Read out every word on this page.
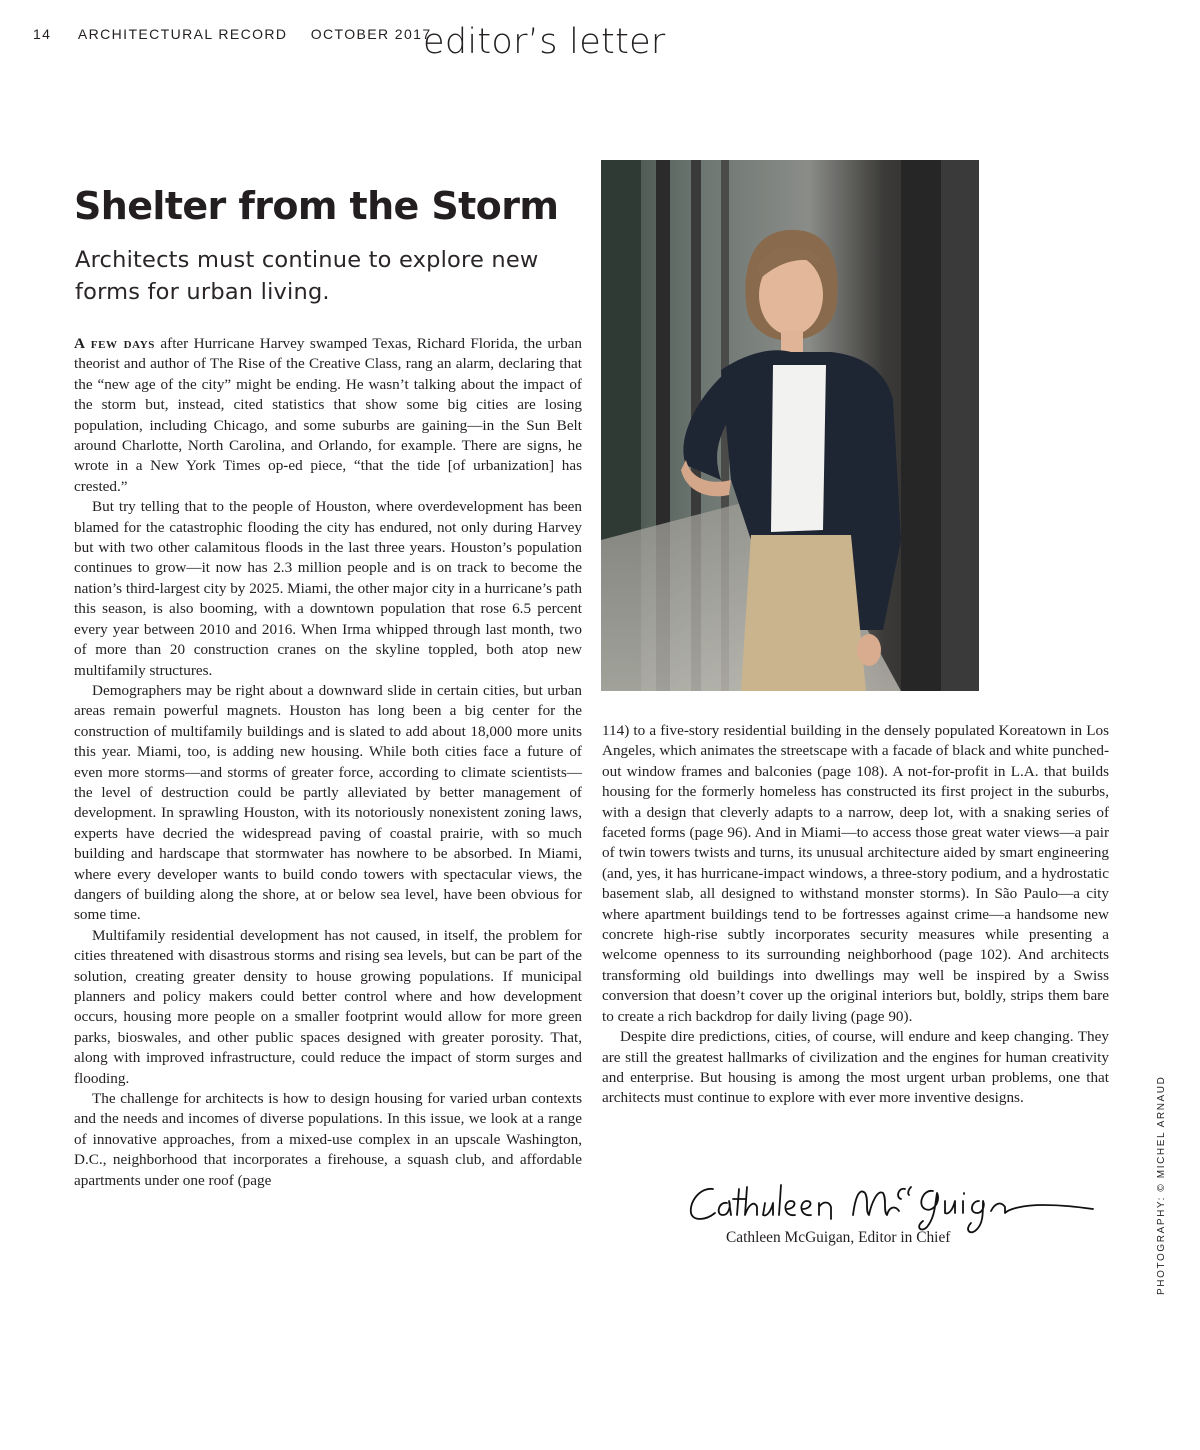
14 ARCHITECTURAL RECORD OCTOBER 2017
editor’s letter
Shelter from the Storm

Architects must continue to explore new forms for urban living.

A few days after Hurricane Harvey swamped Texas, Richard Florida, the urban theorist and author of The Rise of the Creative Class, rang an alarm, declaring that the “new age of the city” might be ending. He wasn’t talking about the impact of the storm but, instead, cited statistics that show some big cities are losing population, including Chicago, and some suburbs are gaining—in the Sun Belt around Charlotte, North Carolina, and Orlando, for example. There are signs, he wrote in a New York Times op-ed piece, “that the tide [of urbanization] has crested.”

But try telling that to the people of Houston, where overdevelopment has been blamed for the catastrophic flooding the city has endured, not only during Harvey but with two other calamitous floods in the last three years. Houston’s population continues to grow—it now has 2.3 million people and is on track to become the nation’s third-largest city by 2025. Miami, the other major city in a hurricane’s path this season, is also booming, with a downtown population that rose 6.5 percent every year between 2010 and 2016. When Irma whipped through last month, two of more than 20 construction cranes on the skyline toppled, both atop new multifamily structures.

Demographers may be right about a downward slide in certain cities, but urban areas remain powerful magnets. Houston has long been a big center for the construction of multifamily buildings and is slated to add about 18,000 more units this year. Miami, too, is adding new housing. While both cities face a future of even more storms—and storms of greater force, according to climate scientists—the level of destruction could be partly alleviated by better management of development. In sprawling Houston, with its notoriously nonexistent zoning laws, experts have decried the widespread paving of coastal prairie, with so much building and hardscape that stormwater has nowhere to be absorbed. In Miami, where every developer wants to build condo towers with spectacular views, the dangers of building along the shore, at or below sea level, have been obvious for some time.

Multifamily residential development has not caused, in itself, the problem for cities threatened with disastrous storms and rising sea levels, but can be part of the solution, creating greater density to house growing populations. If municipal planners and policy makers could better control where and how development occurs, housing more people on a smaller footprint would allow for more green parks, bioswales, and other public spaces designed with greater porosity. That, along with improved infrastructure, could reduce the impact of storm surges and flooding.

The challenge for architects is how to design housing for varied urban contexts and the needs and incomes of diverse populations. In this issue, we look at a range of innovative approaches, from a mixed-use complex in an upscale Washington, D.C., neighborhood that incorporates a firehouse, a squash club, and affordable apartments under one roof (page

114) to a five-story residential building in the densely populated Koreatown in Los Angeles, which animates the streetscape with a facade of black and white punched-out window frames and balconies (page 108). A not-for-profit in L.A. that builds housing for the formerly homeless has constructed its first project in the suburbs, with a design that cleverly adapts to a narrow, deep lot, with a snaking series of faceted forms (page 96). And in Miami—to access those great water views—a pair of twin towers twists and turns, its unusual architecture aided by smart engineering (and, yes, it has hurricane-impact windows, a three-story podium, and a hydrostatic basement slab, all designed to withstand monster storms). In São Paulo—a city where apartment buildings tend to be fortresses against crime—a handsome new concrete high-rise subtly incorporates security measures while presenting a welcome openness to its surrounding neighborhood (page 102). And architects transforming old buildings into dwellings may well be inspired by a Swiss conversion that doesn’t cover up the original interiors but, boldly, strips them bare to create a rich backdrop for daily living (page 90).

Despite dire predictions, cities, of course, will endure and keep changing. They are still the greatest hallmarks of civilization and the engines for human creativity and enterprise. But housing is among the most urgent urban problems, one that architects must continue to explore with ever more inventive designs.

Cathleen McGuigan, Editor in Chief	PHOTOGRAPHY: © MICHEL ARNAUD
